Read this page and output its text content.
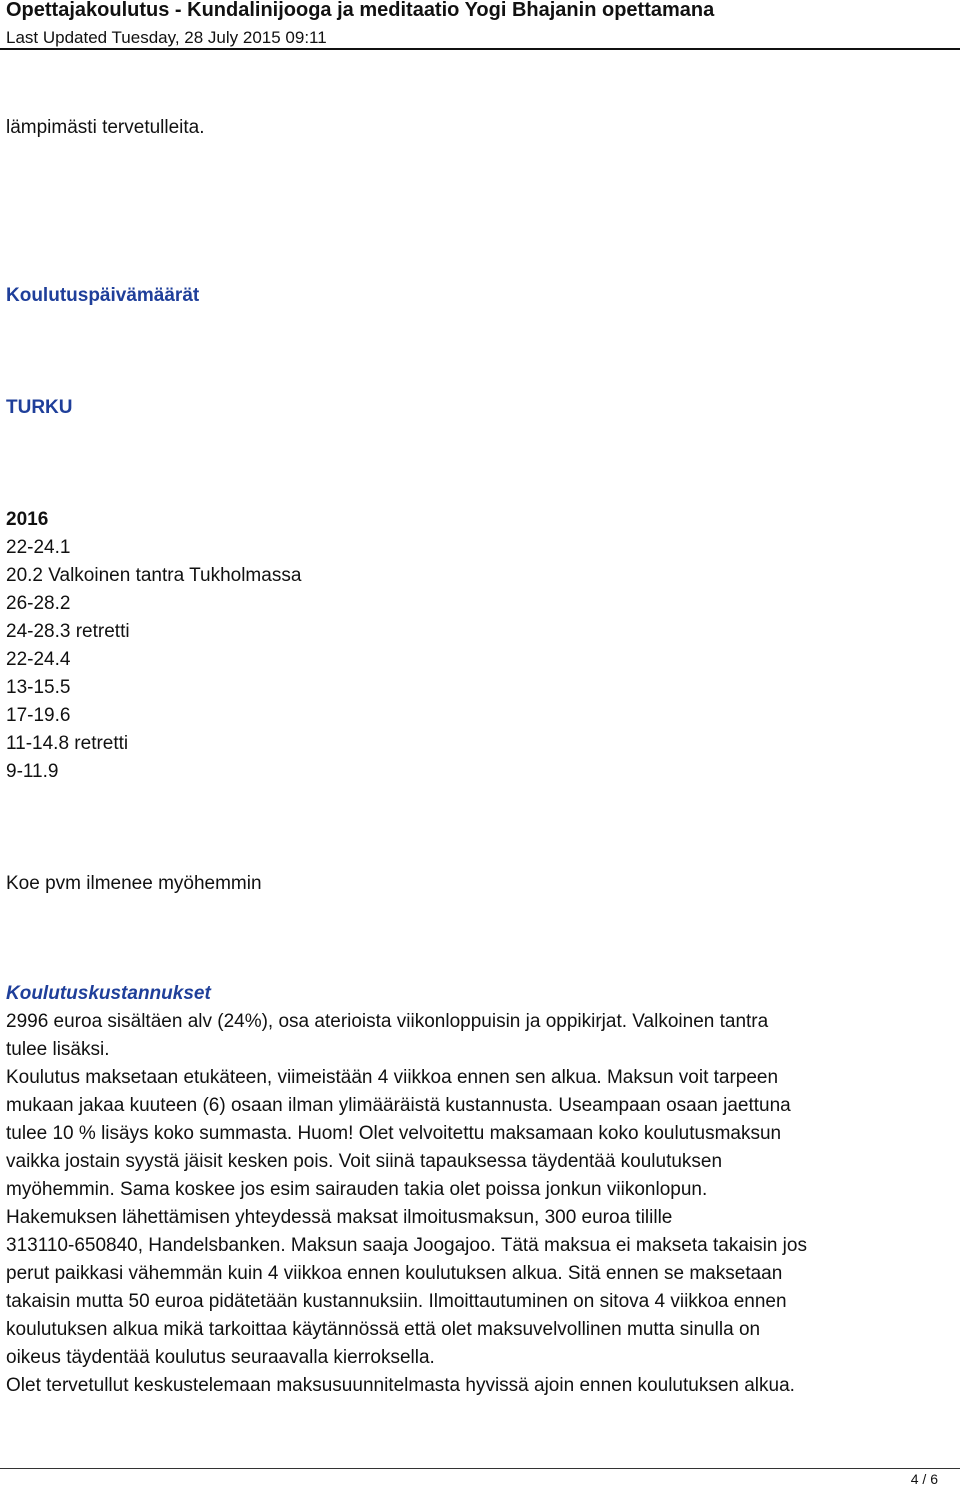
Opettajakoulutus - Kundalinijooga ja meditaatio Yogi Bhajanin opettamana
Last Updated Tuesday, 28 July 2015 09:11
lämpimästi tervetulleita.
Koulutuspäivämäärät
TURKU
2016
22-24.1
20.2 Valkoinen tantra Tukholmassa
26-28.2
24-28.3 retretti
22-24.4
13-15.5
17-19.6
11-14.8 retretti
9-11.9
Koe pvm ilmenee myöhemmin
Koulutuskustannukset
2996 euroa sisältäen alv (24%), osa aterioista viikonloppuisin ja oppikirjat. Valkoinen tantra
tulee lisäksi.
Koulutus maksetaan etukäteen, viimeistään 4 viikkoa ennen sen alkua. Maksun voit tarpeen
mukaan jakaa kuuteen (6) osaan ilman ylimääräistä kustannusta. Useampaan osaan jaettuna
tulee 10 % lisäys koko summasta. Huom! Olet velvoitettu maksamaan koko koulutusmaksun
vaikka jostain syystä jäisit kesken pois. Voit siinä tapauksessa täydentää koulutuksen
myöhemmin. Sama koskee jos esim sairauden takia olet poissa jonkun viikonlopun.
Hakemuksen lähettämisen yhteydessä maksat ilmoitusmaksun, 300 euroa tilille
313110-650840, Handelsbanken. Maksun saaja Joogajoo. Tätä maksua ei makseta takaisin jos
perut paikkasi vähemmän kuin 4 viikkoa ennen koulutuksen alkua. Sitä ennen se maksetaan
takaisin mutta 50 euroa pidätetään kustannuksiin. Ilmoittautuminen on sitova 4 viikkoa ennen
koulutuksen alkua mikä tarkoittaa käytännössä että olet maksuvelvollinen mutta sinulla on
oikeus täydentää koulutus seuraavalla kierroksella.
Olet tervetullut keskustelemaan maksusuunnitelmasta hyvissä ajoin ennen koulutuksen alkua.
4 / 6
